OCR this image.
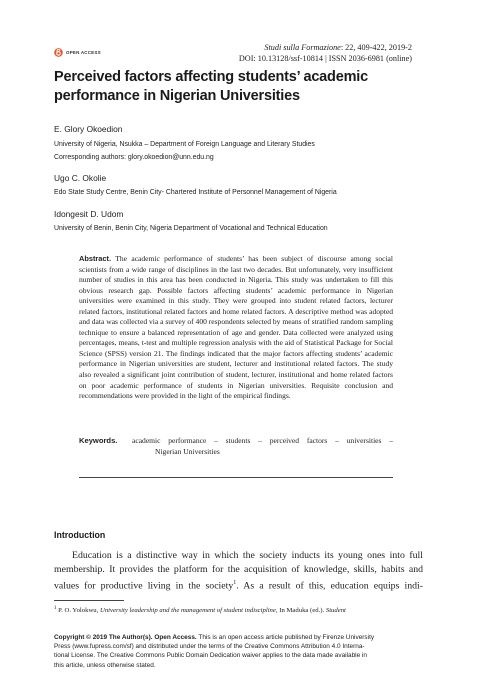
OPEN ACCESS
Studi sulla Formazione: 22, 409-422, 2019-2
DOI: 10.13128/ssf-10814 | ISSN 2036-6981 (online)
Perceived factors affecting students’ academic
performance in Nigerian Universities
E. Glory Okoedion
University of Nigeria, Nsukka – Department of Foreign Language and Literary Studies
Corresponding authors: glory.okoedion@unn.edu.ng
Ugo C. Okolie
Edo State Study Centre, Benin City- Chartered Institute of Personnel Management of Nigeria
Idongesit D. Udom
University of Benin, Benin City, Nigeria Department of Vocational and Technical Education
Abstract. The academic performance of students’ has been subject of discourse among social scientists from a wide range of disciplines in the last two decades. But unfortunately, very insufficient number of studies in this area has been conducted in Nigeria. This study was undertaken to fill this obvious research gap. Possible factors affecting students’ academic performance in Nigerian universities were examined in this study. They were grouped into student related factors, lecturer related factors, institutional related factors and home related factors. A descriptive method was adopted and data was collected via a survey of 400 respondents selected by means of stratified random sampling technique to ensure a balanced representation of age and gender. Data collected were analyzed using percentages, means, t-test and multiple regression analysis with the aid of Statistical Package for Social Science (SPSS) version 21. The findings indicated that the major factors affecting students’ academic performance in Nigerian universities are student, lecturer and institutional related factors. The study also revealed a significant joint contribution of student, lecturer, institutional and home related factors on poor academic performance of students in Nigerian universities. Requisite conclusion and recommendations were provided in the light of the empirical findings.
Keywords. academic performance – students – perceived factors – universities –
Nigerian Universities
Introduction
Education is a distinctive way in which the society inducts its young ones into full
membership. It provides the platform for the acquisition of knowledge, skills, habits and
values for productive living in the society$^1$. As a result of this, education equips indi-
$^1$ P. O. Yolokwu, University leadership and the management of student indiscipline, In Maduka (ed.). Student
Copyright © 2019 The Author(s). Open Access. This is an open access article published by Firenze University
Press (www.fupress.com/sf) and distributed under the terms of the Creative Commons Attribution 4.0 Interna-
tional License. The Creative Commons Public Domain Dedication waiver applies to the data made available in
this article, unless otherwise stated.
